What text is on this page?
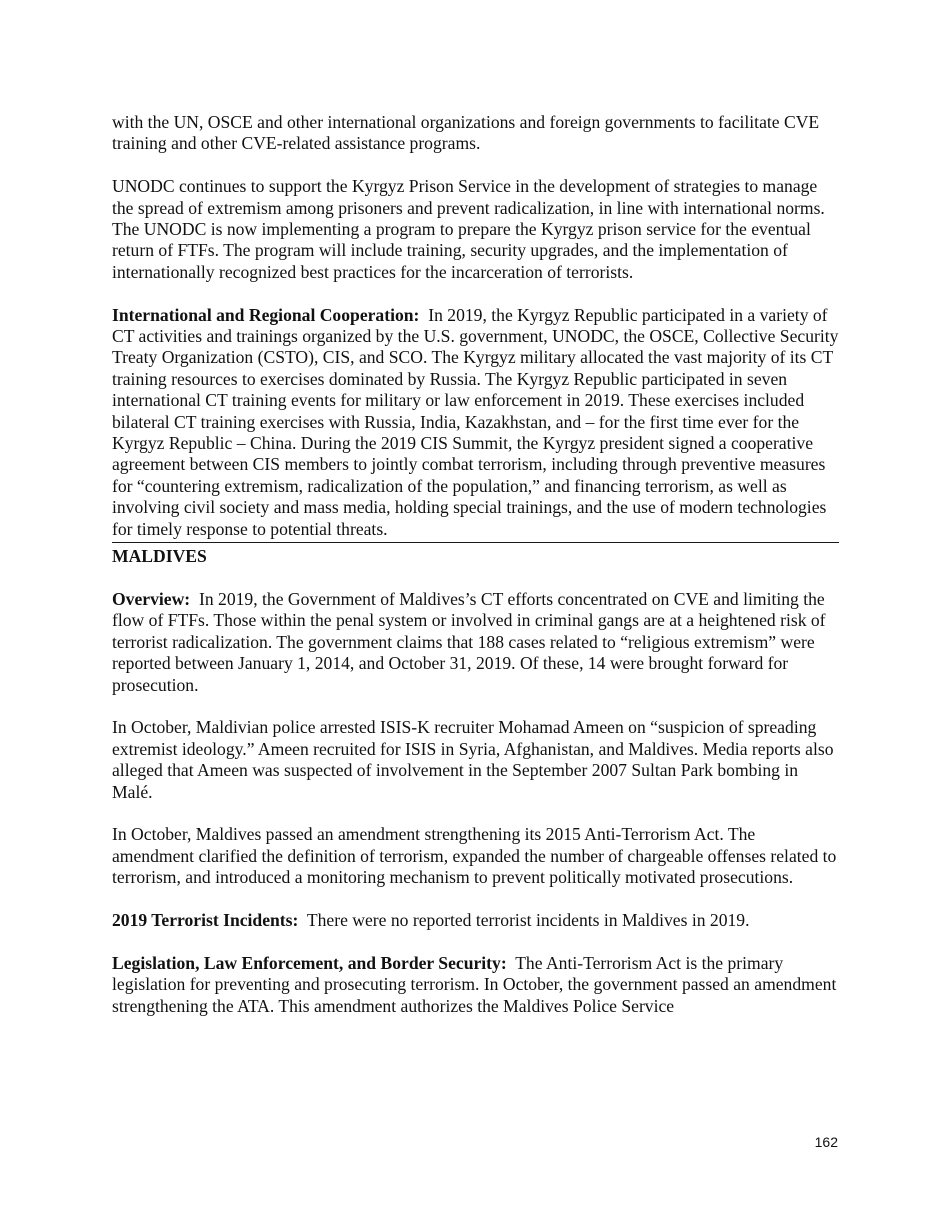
with the UN, OSCE and other international organizations and foreign governments to facilitate CVE training and other CVE-related assistance programs.

UNODC continues to support the Kyrgyz Prison Service in the development of strategies to manage the spread of extremism among prisoners and prevent radicalization, in line with international norms. The UNODC is now implementing a program to prepare the Kyrgyz prison service for the eventual return of FTFs. The program will include training, security upgrades, and the implementation of internationally recognized best practices for the incarceration of terrorists.

International and Regional Cooperation: In 2019, the Kyrgyz Republic participated in a variety of CT activities and trainings organized by the U.S. government, UNODC, the OSCE, Collective Security Treaty Organization (CSTO), CIS, and SCO. The Kyrgyz military allocated the vast majority of its CT training resources to exercises dominated by Russia. The Kyrgyz Republic participated in seven international CT training events for military or law enforcement in 2019. These exercises included bilateral CT training exercises with Russia, India, Kazakhstan, and – for the first time ever for the Kyrgyz Republic – China. During the 2019 CIS Summit, the Kyrgyz president signed a cooperative agreement between CIS members to jointly combat terrorism, including through preventive measures for “countering extremism, radicalization of the population,” and financing terrorism, as well as involving civil society and mass media, holding special trainings, and the use of modern technologies for timely response to potential threats.

MALDIVES

Overview: In 2019, the Government of Maldives’s CT efforts concentrated on CVE and limiting the flow of FTFs. Those within the penal system or involved in criminal gangs are at a heightened risk of terrorist radicalization. The government claims that 188 cases related to “religious extremism” were reported between January 1, 2014, and October 31, 2019. Of these, 14 were brought forward for prosecution.

In October, Maldivian police arrested ISIS-K recruiter Mohamad Ameen on “suspicion of spreading extremist ideology.” Ameen recruited for ISIS in Syria, Afghanistan, and Maldives. Media reports also alleged that Ameen was suspected of involvement in the September 2007 Sultan Park bombing in Malé.

In October, Maldives passed an amendment strengthening its 2015 Anti-Terrorism Act. The amendment clarified the definition of terrorism, expanded the number of chargeable offenses related to terrorism, and introduced a monitoring mechanism to prevent politically motivated prosecutions.

2019 Terrorist Incidents: There were no reported terrorist incidents in Maldives in 2019.

Legislation, Law Enforcement, and Border Security: The Anti-Terrorism Act is the primary legislation for preventing and prosecuting terrorism. In October, the government passed an amendment strengthening the ATA. This amendment authorizes the Maldives Police Service

162
